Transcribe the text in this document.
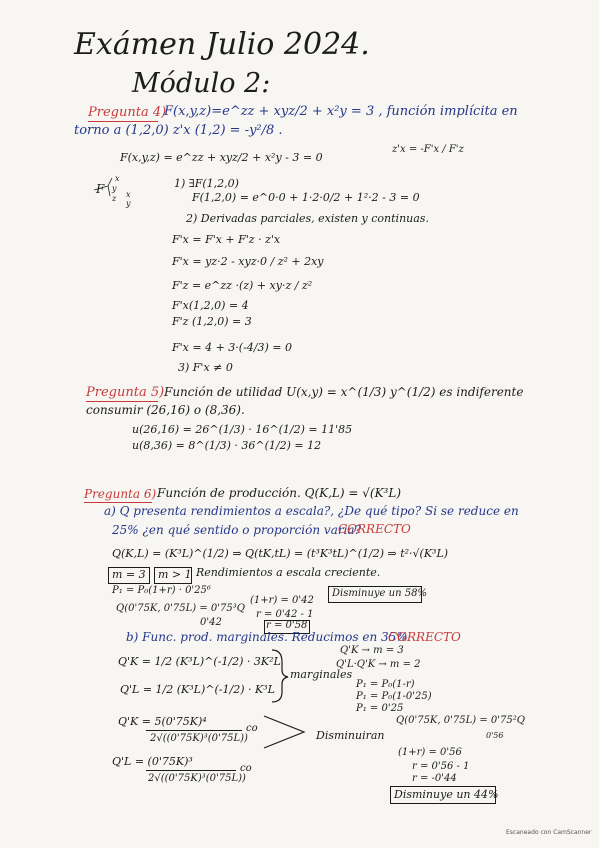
Exámen Julio 2024.
Módulo 2:
Pregunta 4)
F(x,y,z)=e^zz + xyz/2 + x²y = 3 , función implícita en
torno a (1,2,0) z'x (1,2) = -y²/8 .
z'x = -F'x / F'z
F(x,y,z) = e^zz + xyz/2 + x²y - 3 = 0
F
x
y
z x
y
1) ∃F(1,2,0)
F(1,2,0) = e^0·0 + 1·2·0/2 + 1²·2 - 3 = 0
2) Derivadas parciales, existen y continuas.
F'x = F'x + F'z · z'x
F'x = yz·2 - xyz·0 / z² + 2xy
F'z = e^zz ·(z) + xy·z / z²
F'x(1,2,0) = 4
F'z (1,2,0) = 3
F'x = 4 + 3·(-4/3) = 0
3) F'x ≠ 0
Pregunta 5) Función de utilidad U(x,y) = x^(1/3) y^(1/2) es indiferente
consumir (26,16) o (8,36).
u(26,16) = 26^(1/3) · 16^(1/2) = 11'85
u(8,36) = 8^(1/3) · 36^(1/2) = 12
Pregunta 6) Función de producción. Q(K,L) = √(K³L)
a) Q presenta rendimientos a escala?, ¿De qué tipo? Si se reduce en
25% ¿en qué sentido o proporción varia?
CORRECTO
Q(K,L) = (K³L)^(1/2) ⇒ Q(tK,tL) = (t³K³tL)^(1/2) ⇒ t²·√(K³L)
m = 3 m > 1 Rendimientos a escala creciente.
P₁ = P₀(1+r) · 0'25⁶
Q(0'75K, 0'75L) = 0'75³Q
0'42
(1+r) = 0'42
r = 0'42 - 1
r = 0'58
Disminuye un 58%
b) Func. prod. marginales. Reducimos en 35%
CORRECTO
Q'K = 1/2 (K³L)^(-1/2) · 3K²L
Q'L = 1/2 (K³L)^(-1/2) · K³L
marginales
Q'K → m = 3
Q'L·Q'K → m = 2
P₁ = P₀(1-r)
P₁ = P₀(1-0'25)
P₁ = 0'25
Q'K = 5(0'75K)⁴
2√((0'75K)³(0'75L))
co
Disminuiran
Q(0'75K, 0'75L) = 0'75²Q
0'56
Q'L = (0'75K)³
2√((0'75K)³(0'75L))
co
(1+r) = 0'56
r = 0'56 - 1
r = -0'44
Disminuye un 44%
Escaneado con CamScanner
